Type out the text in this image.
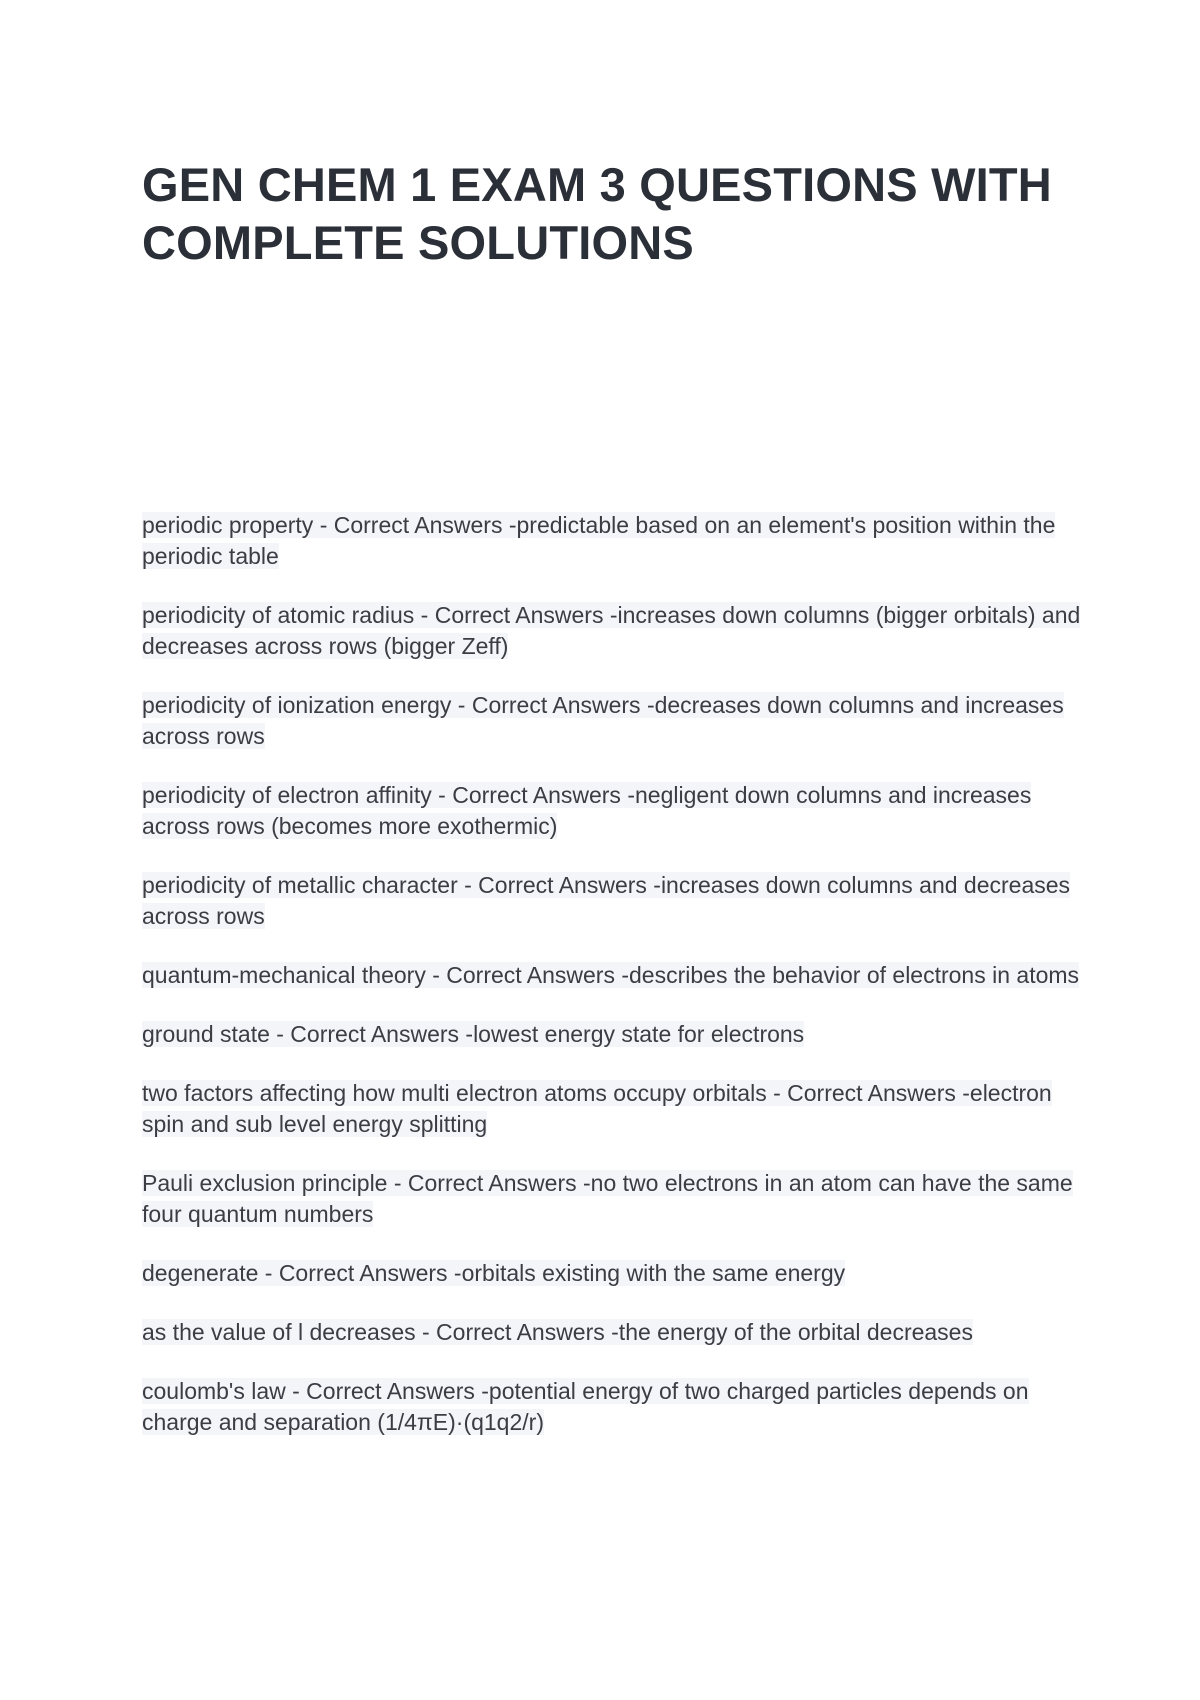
GEN CHEM 1 EXAM 3 QUESTIONS WITH COMPLETE SOLUTIONS
periodic property - Correct Answers -predictable based on an element's position within the periodic table
periodicity of atomic radius - Correct Answers -increases down columns (bigger orbitals) and decreases across rows (bigger Zeff)
periodicity of ionization energy - Correct Answers -decreases down columns and increases across rows
periodicity of electron affinity - Correct Answers -negligent down columns and increases across rows (becomes more exothermic)
periodicity of metallic character - Correct Answers -increases down columns and decreases across rows
quantum-mechanical theory - Correct Answers -describes the behavior of electrons in atoms
ground state - Correct Answers -lowest energy state for electrons
two factors affecting how multi electron atoms occupy orbitals - Correct Answers -electron spin and sub level energy splitting
Pauli exclusion principle - Correct Answers -no two electrons in an atom can have the same four quantum numbers
degenerate - Correct Answers -orbitals existing with the same energy
as the value of l decreases - Correct Answers -the energy of the orbital decreases
coulomb's law - Correct Answers -potential energy of two charged particles depends on charge and separation (1/4πE)·(q1q2/r)
